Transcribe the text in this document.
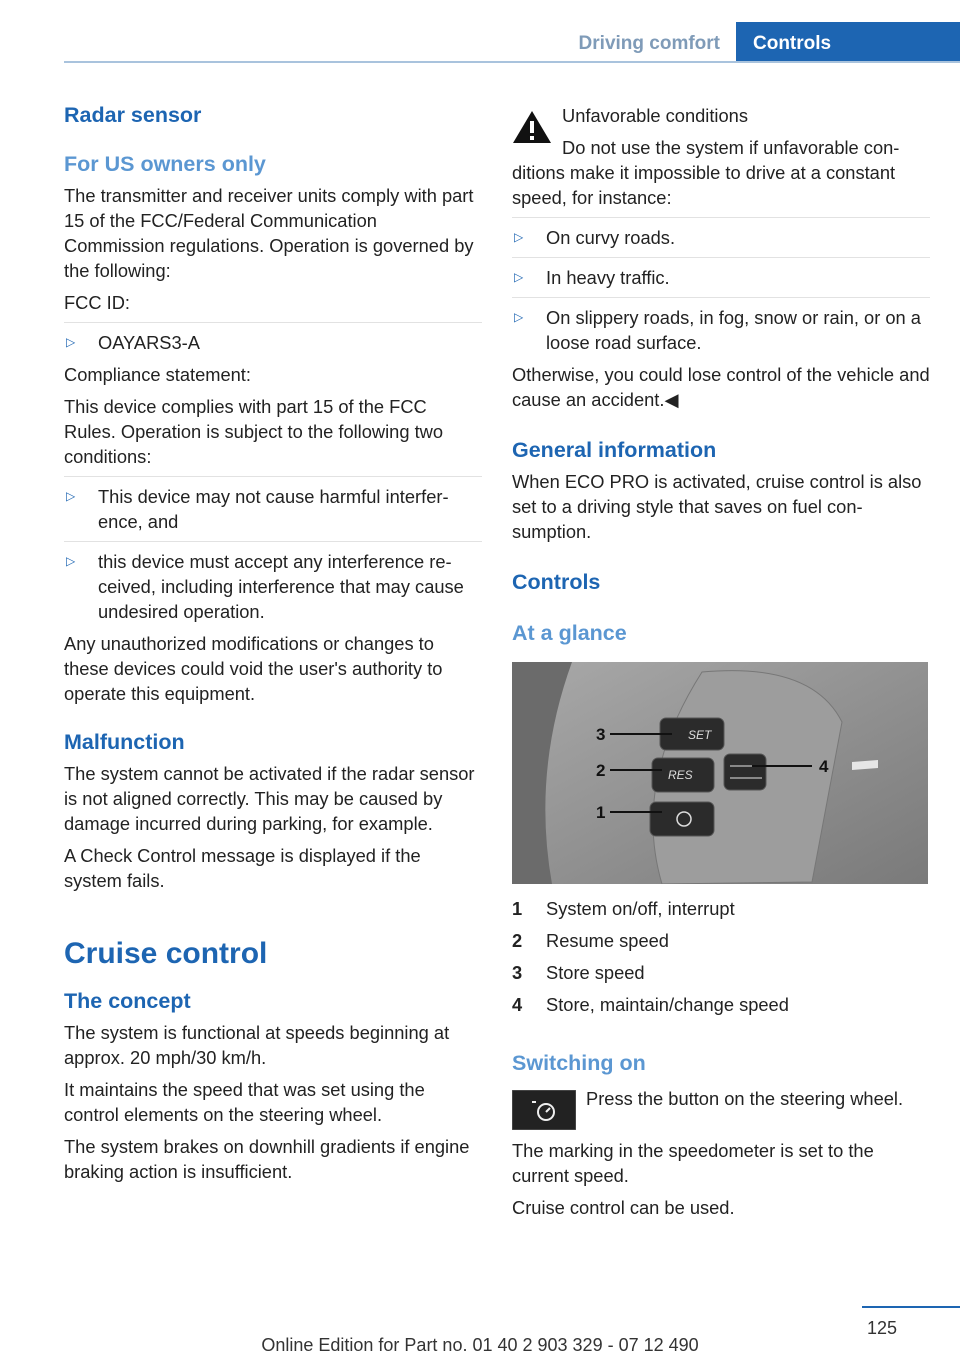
Driving comfort	Controls
Radar sensor
For US owners only

The transmitter and receiver units comply with part 15 of the FCC/Federal Communication Commission regulations. Operation is governed by the following:

FCC ID:

▷ OAYARS3-A

Compliance statement:

This device complies with part 15 of the FCC Rules. Operation is subject to the following two conditions:

▷ This device may not cause harmful interference, and
▷ this device must accept any interference received, including interference that may cause undesired operation.

Any unauthorized modifications or changes to these devices could void the user's authority to operate this equipment.

Malfunction

The system cannot be activated if the radar sensor is not aligned correctly. This may be caused by damage incurred during parking, for example.

A Check Control message is displayed if the system fails.

Cruise control
The concept

The system is functional at speeds beginning at approx. 20 mph/30 km/h.

It maintains the speed that was set using the control elements on the steering wheel.

The system brakes on downhill gradients if engine braking action is insufficient.

Unfavorable conditions

Do not use the system if unfavorable conditions make it impossible to drive at a constant speed, for instance:

▷ On curvy roads.
▷ In heavy traffic.
▷ On slippery roads, in fog, snow or rain, or on a loose road surface.

Otherwise, you could lose control of the vehicle and cause an accident.◀

General information

When ECO PRO is activated, cruise control is also set to a driving style that saves on fuel consumption.

Controls
At a glance
SET
RES
3
2
1
4
1	System on/off, interrupt
2	Resume speed
3	Store speed
4	Store, maintain/change speed
Switching on

Press the button on the steering wheel.

The marking in the speedometer is set to the current speed.

Cruise control can be used.

125
Online Edition for Part no. 01 40 2 903 329 - 07 12 490
